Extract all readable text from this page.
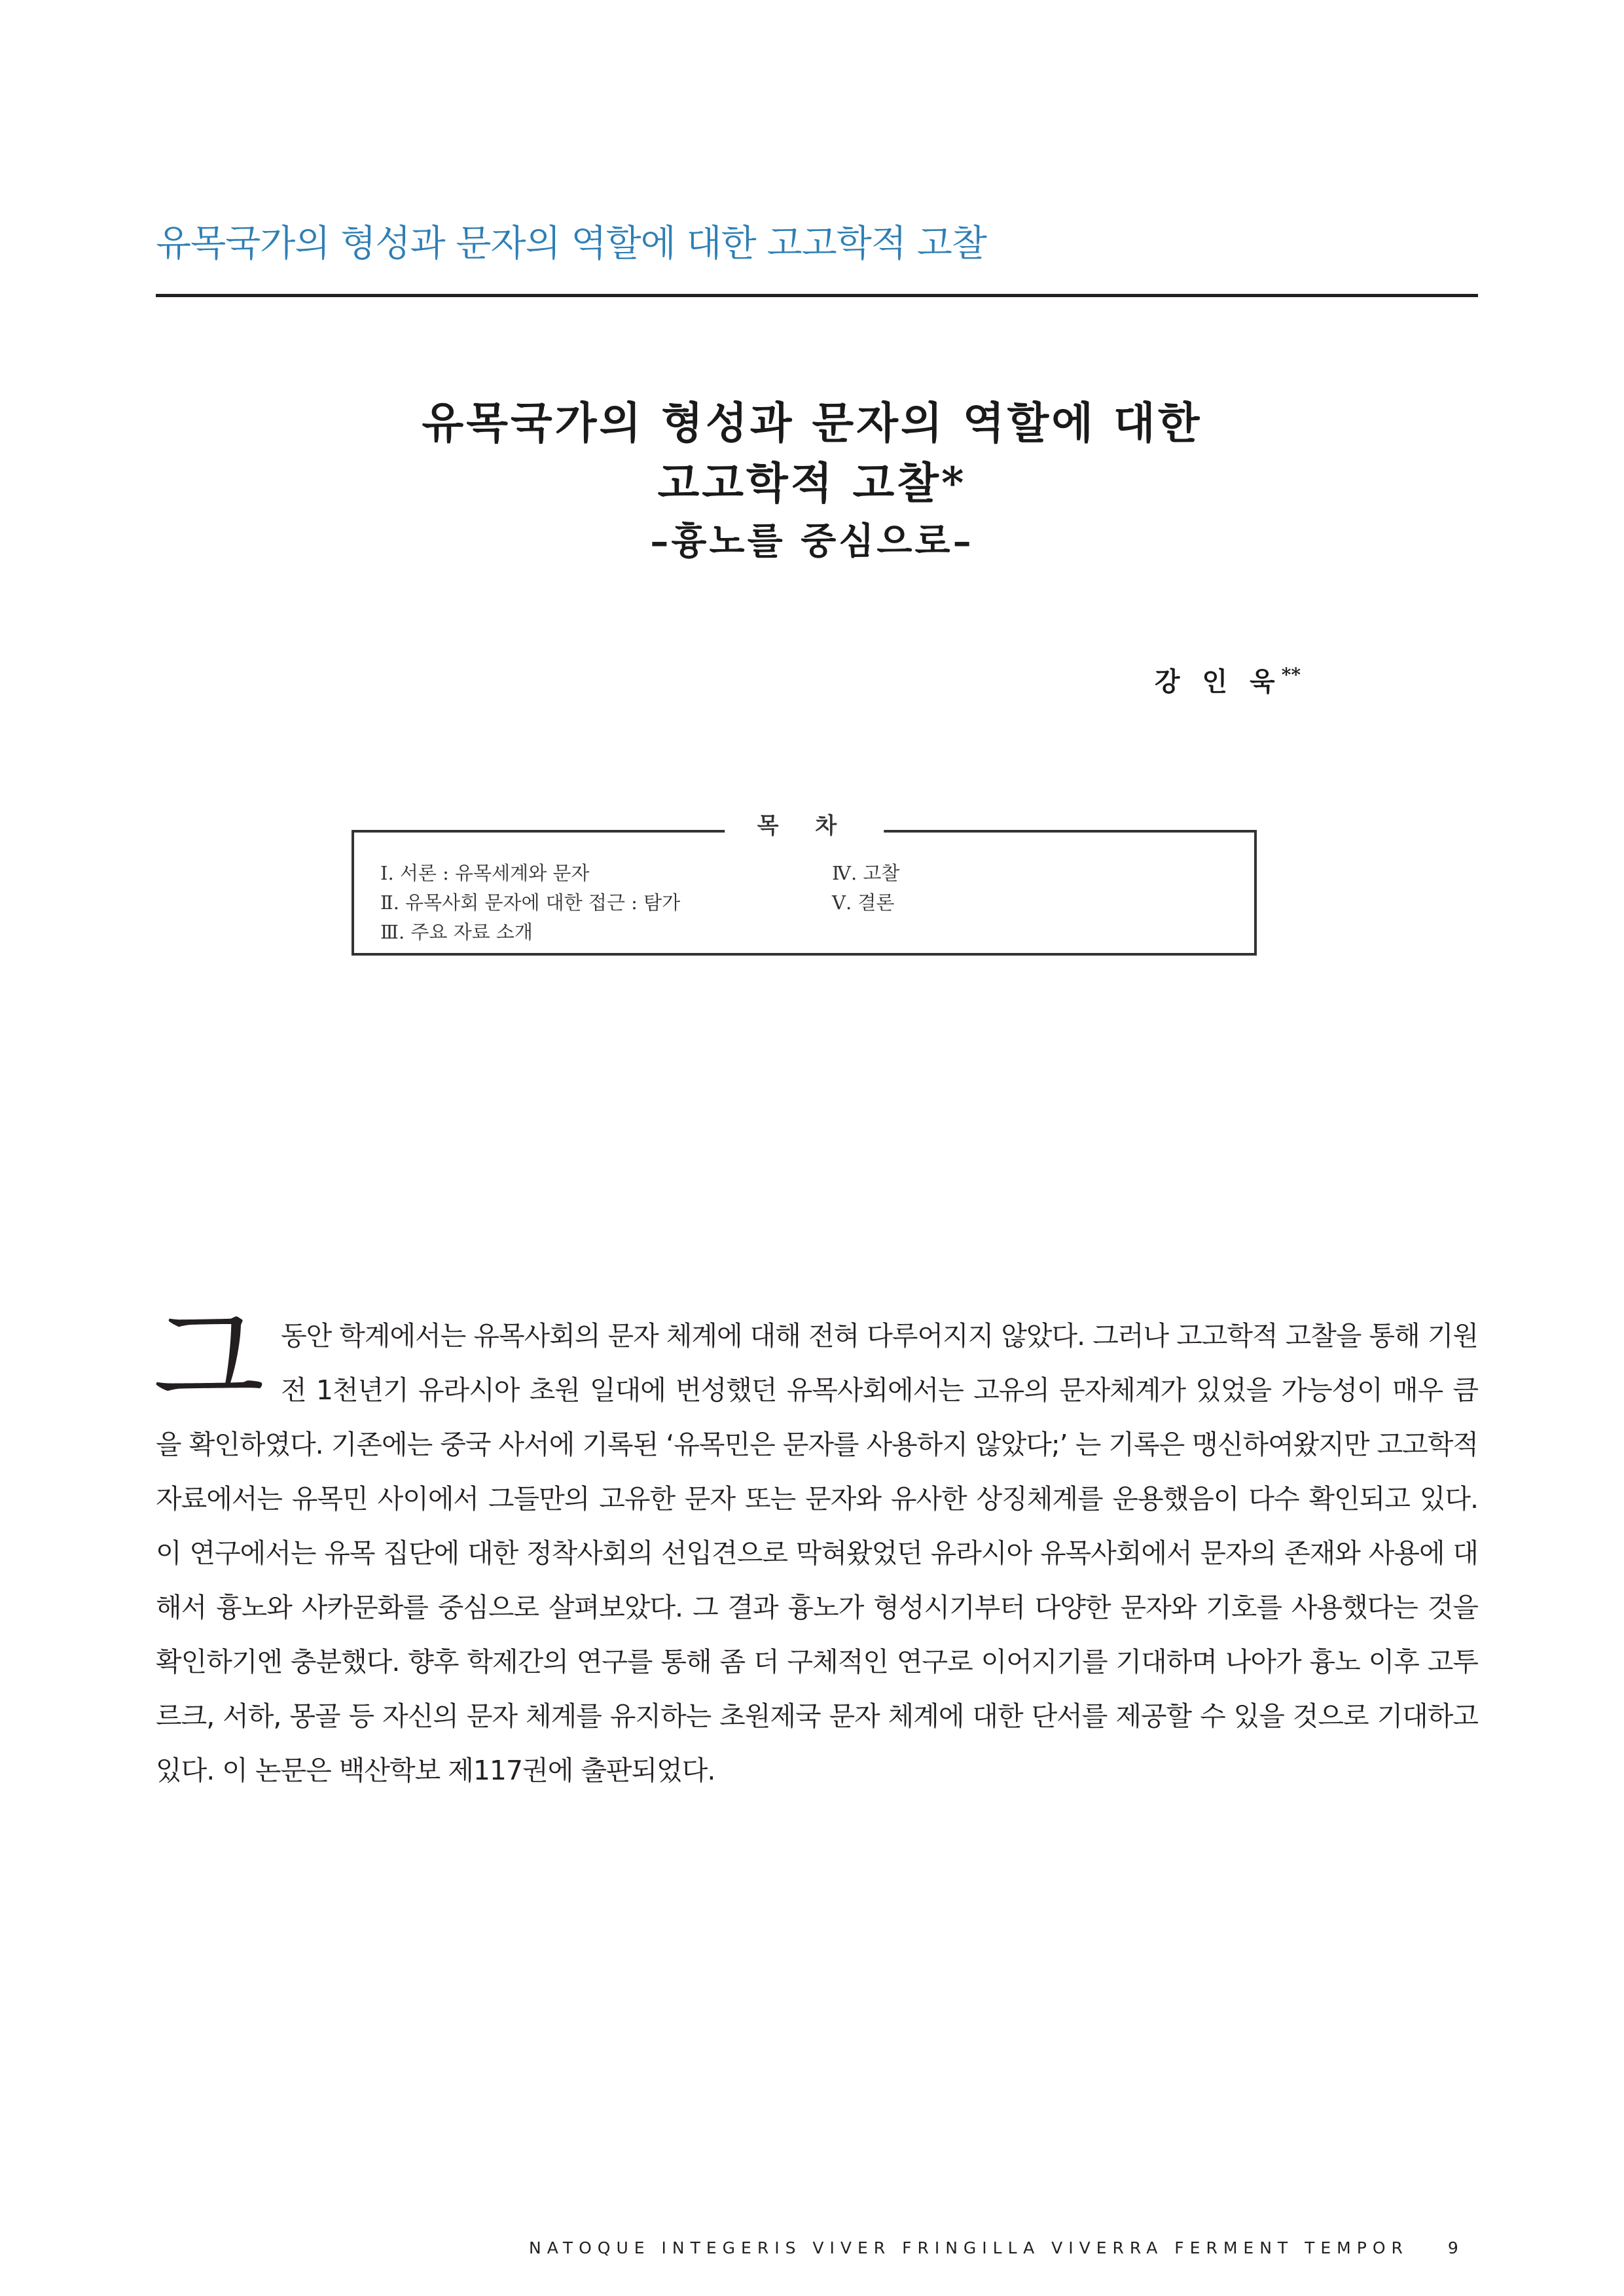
유목국가의 형성과 문자의 역할에 대한 고고학적 고찰
유목국가의 형성과 문자의 역할에 대한
고고학적 고찰*
–흉노를 중심으로–
강 인 욱**
목 차
Ⅰ. 서론 : 유목세계와 문자
Ⅱ. 유목사회 문자에 대한 접근 : 탐가
Ⅲ. 주요 자료 소개
Ⅳ. 고찰
Ⅴ. 결론
그 동안 학계에서는 유목사회의 문자 체계에 대해 전혀 다루어지지 않았다. 그러나 고고학적 고찰을 통해 기원전 1천년기 유라시아 초원 일대에 번성했던 유목사회에서는 고유의 문자체계가 있었을 가능성이 매우 큼을 확인하였다. 기존에는 중국 사서에 기록된 ‘유목민은 문자를 사용하지 않았다;’ 는 기록은 맹신하여왔지만 고고학적 자료에서는 유목민 사이에서 그들만의 고유한 문자 또는 문자와 유사한 상징체계를 운용했음이 다수 확인되고 있다. 이 연구에서는 유목 집단에 대한 정착사회의 선입견으로 막혀왔었던 유라시아 유목사회에서 문자의 존재와 사용에 대해서 흉노와 사카문화를 중심으로 살펴보았다. 그 결과 흉노가 형성시기부터 다양한 문자와 기호를 사용했다는 것을 확인하기엔 충분했다. 향후 학제간의 연구를 통해 좀 더 구체적인 연구로 이어지기를 기대하며 나아가 흉노 이후 고투르크, 서하, 몽골 등 자신의 문자 체계를 유지하는 초원제국 문자 체계에 대한 단서를 제공할 수 있을 것으로 기대하고 있다. 이 논문은 백산학보 제117권에 출판되었다.
NATOQUE INTEGERIS VIVER FRINGILLA VIVERRA FERMENT TEMPOR 9
